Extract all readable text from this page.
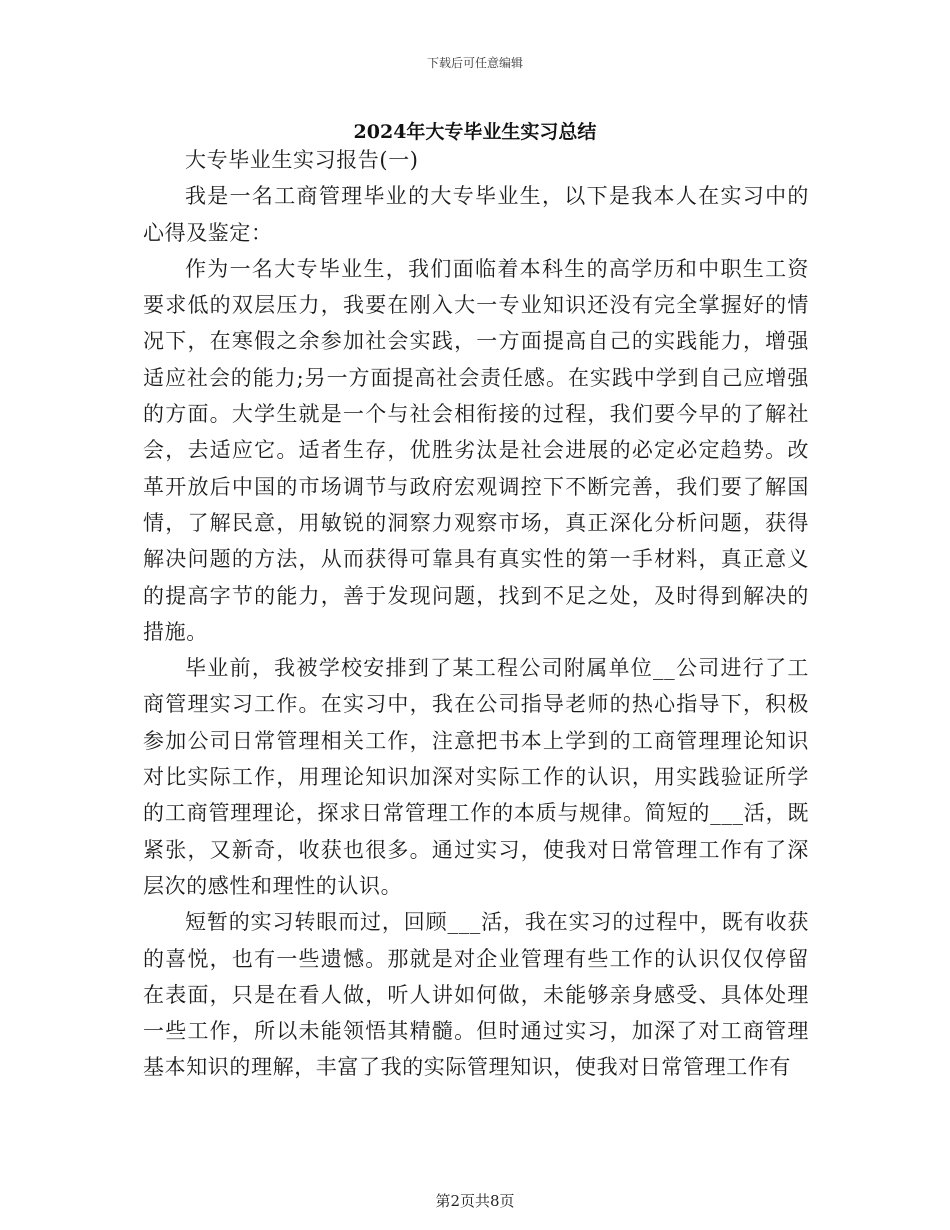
下载后可任意编辑
2024年大专毕业生实习总结

大专毕业生实习报告(一)

我是一名工商管理毕业的大专毕业生，以下是我本人在实习中的心得及鉴定：

作为一名大专毕业生，我们面临着本科生的高学历和中职生工资要求低的双层压力，我要在刚入大一专业知识还没有完全掌握好的情况下，在寒假之余参加社会实践，一方面提高自己的实践能力，增强适应社会的能力;另一方面提高社会责任感。在实践中学到自己应增强的方面。大学生就是一个与社会相衔接的过程，我们要今早的了解社会，去适应它。适者生存，优胜劣汰是社会进展的必定必定趋势。改革开放后中国的市场调节与政府宏观调控下不断完善，我们要了解国情，了解民意，用敏锐的洞察力观察市场，真正深化分析问题，获得解决问题的方法，从而获得可靠具有真实性的第一手材料，真正意义的提高字节的能力，善于发现问题，找到不足之处，及时得到解决的措施。

毕业前，我被学校安排到了某工程公司附属单位__公司进行了工商管理实习工作。在实习中，我在公司指导老师的热心指导下，积极参加公司日常管理相关工作，注意把书本上学到的工商管理理论知识对比实际工作，用理论知识加深对实际工作的认识，用实践验证所学的工商管理理论，探求日常管理工作的本质与规律。简短的___活，既紧张，又新奇，收获也很多。通过实习，使我对日常管理工作有了深层次的感性和理性的认识。

短暂的实习转眼而过，回顾___活，我在实习的过程中，既有收获的喜悦，也有一些遗憾。那就是对企业管理有些工作的认识仅仅停留在表面，只是在看人做，听人讲如何做，未能够亲身感受、具体处理一些工作，所以未能领悟其精髓。但时通过实习，加深了对工商管理基本知识的理解，丰富了我的实际管理知识，使我对日常管理工作有

第2页共8页
